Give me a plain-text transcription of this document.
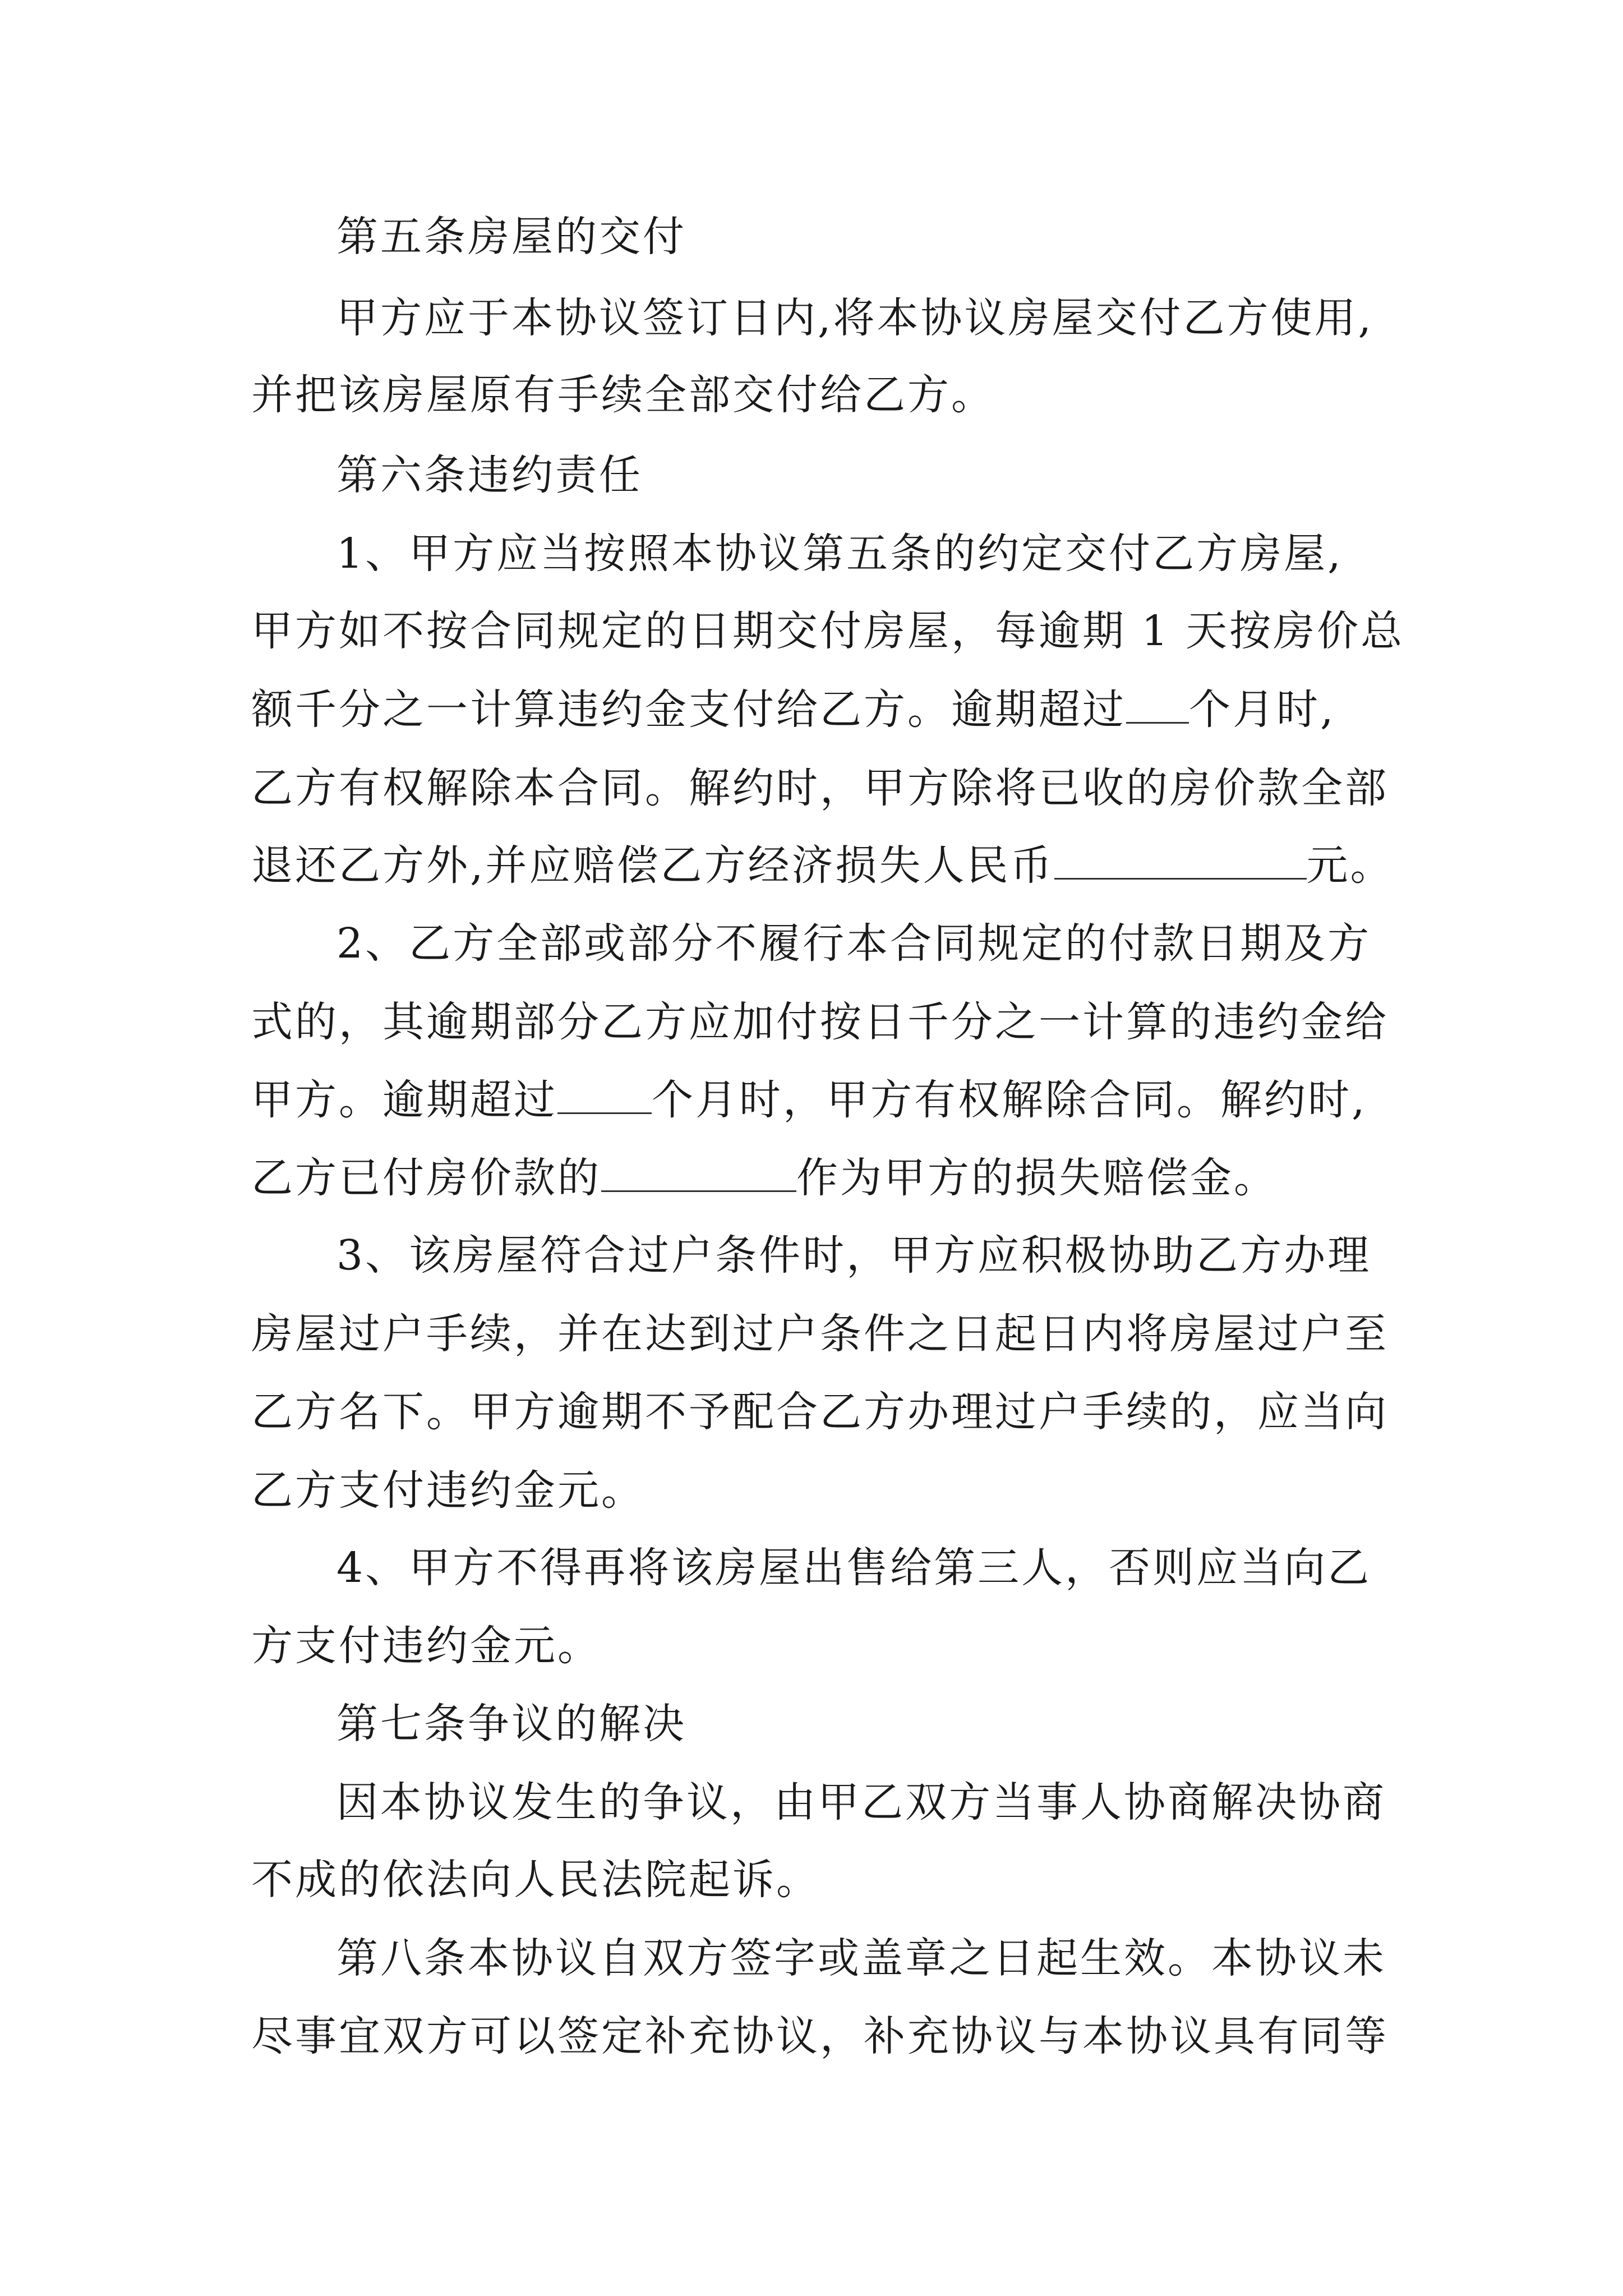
第五条房屋的交付
甲方应于本协议签订日内,将本协议房屋交付乙方使用,
并把该房屋原有手续全部交付给乙方。
第六条违约责任
1、甲方应当按照本协议第五条的约定交付乙方房屋,
甲方如不按合同规定的日期交付房屋，每逾期 1 天按房价总
额千分之一计算违约金支付给乙方。逾期超过 个月时,
乙方有权解除本合同。解约时，甲方除将已收的房价款全部
退还乙方外,并应赔偿乙方经济损失人民币	元。
2、乙方全部或部分不履行本合同规定的付款日期及方
式的，其逾期部分乙方应加付按日千分之一计算的违约金给
甲方。逾期超过 个月时，甲方有权解除合同。解约时,
乙方已付房价款的	作为甲方的损失赔偿金。
3、该房屋符合过户条件时，甲方应积极协助乙方办理
房屋过户手续，并在达到过户条件之日起日内将房屋过户至
乙方名下。甲方逾期不予配合乙方办理过户手续的，应当向
乙方支付违约金元。
4、甲方不得再将该房屋出售给第三人，否则应当向乙
方支付违约金元。
第七条争议的解决
因本协议发生的争议，由甲乙双方当事人协商解决协商
不成的依法向人民法院起诉。
第八条本协议自双方签字或盖章之日起生效。本协议未
尽事宜双方可以签定补充协议，补充协议与本协议具有同等
